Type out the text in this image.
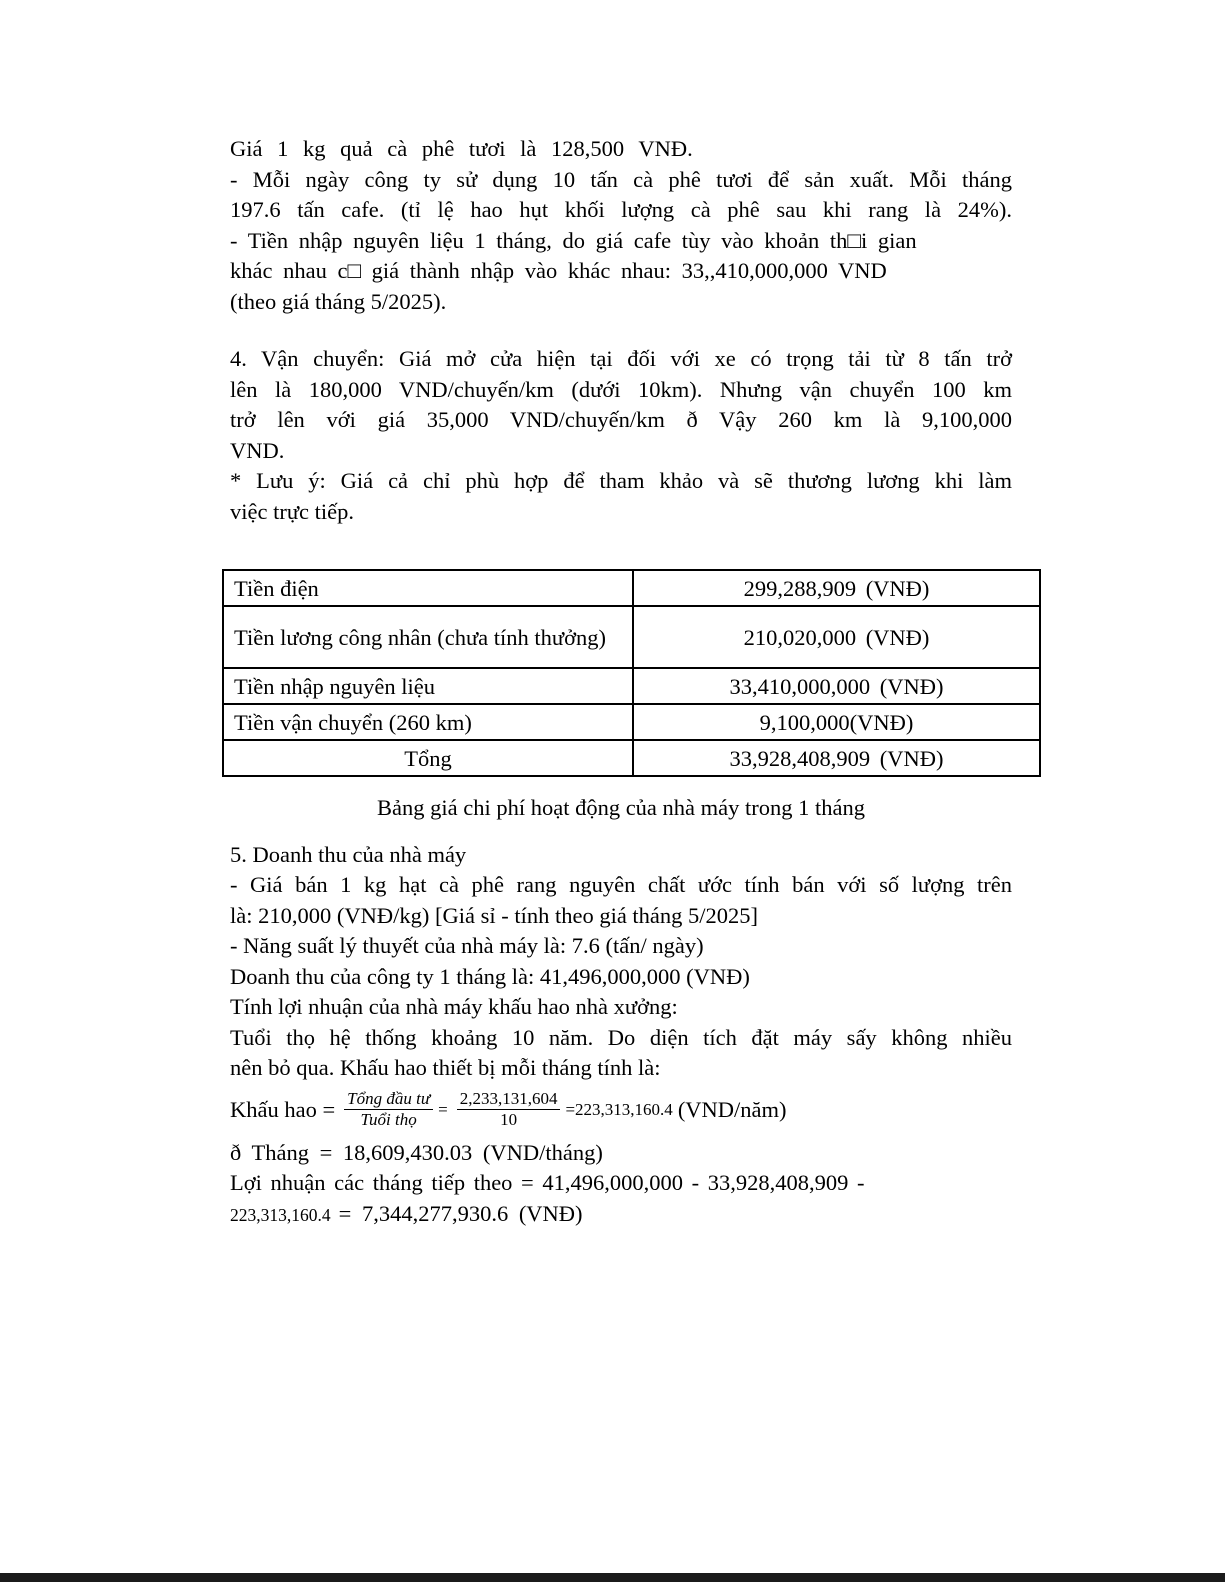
Giá 1 kg quả cà phê tươi là 128,500 VNĐ.
- Mỗi ngày công ty sử dụng 10 tấn cà phê tươi để sản xuất. Mỗi tháng
197.6 tấn cafe. (tỉ lệ hao hụt khối lượng cà phê sau khi rang là 24%).
- Tiền nhập nguyên liệu 1 tháng, do giá cafe tùy vào khoản th□i gian
khác nhau c□ giá thành nhập vào khác nhau: 33,,410,000,000 VND
(theo giá tháng 5/2025).
4. Vận chuyển: Giá mở cửa hiện tại đối với xe có trọng tải từ 8 tấn trở
lên là 180,000 VND/chuyến/km (dưới 10km). Nhưng vận chuyển 100 km
trở lên với giá 35,000 VND/chuyến/km ð Vậy 260 km là 9,100,000
VND.
* Lưu ý: Giá cả chỉ phù hợp để tham khảo và sẽ thương lương khi làm
việc trực tiếp.
Tiền điện	299,288,909 (VNĐ)
Tiền lương công nhân (chưa tính thưởng)	210,020,000 (VNĐ)
Tiền nhập nguyên liệu	33,410,000,000 (VNĐ)
Tiền vận chuyển (260 km)	9,100,000(VNĐ)
Tổng	33,928,408,909 (VNĐ)
Bảng giá chi phí hoạt động của nhà máy trong 1 tháng
5. Doanh thu của nhà máy
- Giá bán 1 kg hạt cà phê rang nguyên chất ước tính bán với số lượng trên
là: 210,000 (VNĐ/kg) [Giá sỉ - tính theo giá tháng 5/2025]
- Năng suất lý thuyết của nhà máy là: 7.6 (tấn/ ngày)
Doanh thu của công ty 1 tháng là: 41,496,000,000 (VNĐ)
Tính lợi nhuận của nhà máy khấu hao nhà xưởng:
Tuổi thọ hệ thống khoảng 10 năm. Do diện tích đặt máy sấy không nhiều
nên bỏ qua. Khấu hao thiết bị mỗi tháng tính là:
Khấu hao = $\frac{\text{Tổng đầu tư}}{\text{Tuổi thọ}} = \frac{2,233,131,604}{10} =223,313,160.4$ (VND/năm)
ð Tháng = 18,609,430.03 (VND/tháng)
Lợi nhuận các tháng tiếp theo = 41,496,000,000 - 33,928,408,909 -
223,313,160.4 = 7,344,277,930.6 (VNĐ)
